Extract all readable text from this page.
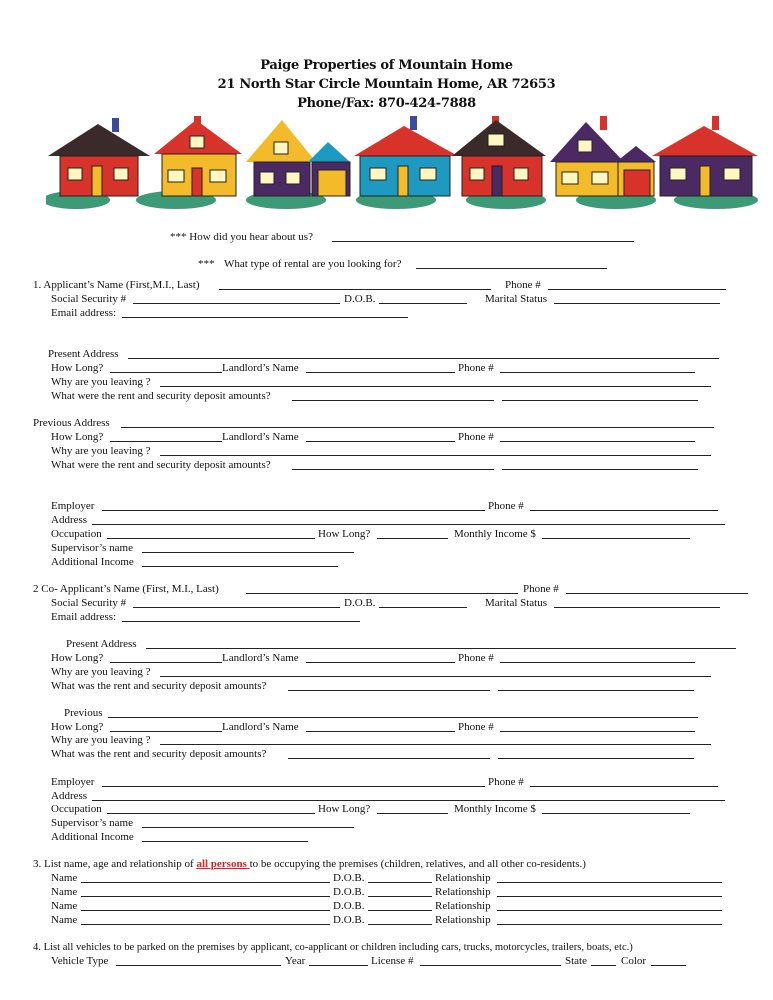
Paige Properties of Mountain Home
21 North Star Circle Mountain Home, AR 72653
Phone/Fax: 870-424-7888
*** How did you hear about us?
*** What type of rental are you looking for?
1. Applicant’s Name (First,M.I., Last)	Phone #
Social Security #	D.O.B.	Marital Status
Email address:
Present Address
How Long?	Landlord’s Name	Phone #
Why are you leaving ?
What were the rent and security deposit amounts?
Previous Address
How Long?	Landlord’s Name	Phone #
Why are you leaving ?
What were the rent and security deposit amounts?
Employer	Phone #
Address
Occupation	How Long?	Monthly Income $
Supervisor’s name
Additional Income
2 Co- Applicant’s Name (First, M.I., Last)	Phone #
Social Security #	D.O.B.	Marital Status
Email address:
Present Address
How Long?	Landlord’s Name	Phone #
Why are you leaving ?
What was the rent and security deposit amounts?
Previous
How Long?	Landlord’s Name	Phone #
Why are you leaving ?
What was the rent and security deposit amounts?
Employer	Phone #
Address
Occupation	How Long?	Monthly Income $
Supervisor’s name
Additional Income
3. List name, age and relationship of all persons to be occupying the premises (children, relatives, and all other co-residents.)
Name	D.O.B.	Relationship
Name	D.O.B.	Relationship
Name	D.O.B.	Relationship
Name	D.O.B.	Relationship
4. List all vehicles to be parked on the premises by applicant, co-applicant or children including cars, trucks, motorcycles, trailers, boats, etc.)
Vehicle Type	Year	License #	State	Color
